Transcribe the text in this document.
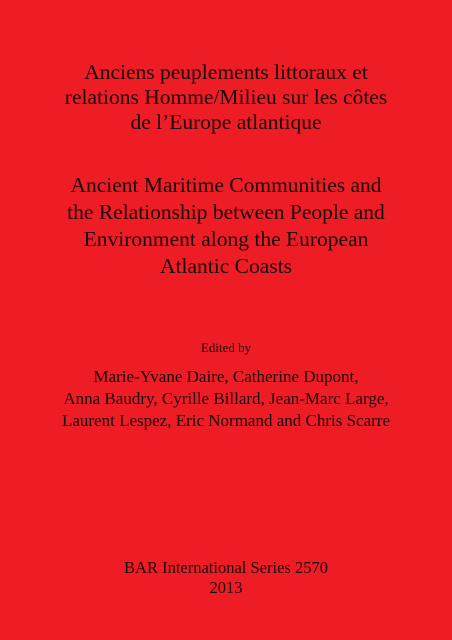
Anciens peuplements littoraux et
relations Homme/Milieu sur les côtes
de l’Europe atlantique
Ancient Maritime Communities and
the Relationship between People and
Environment along the European
Atlantic Coasts
Edited by
Marie-Yvane Daire, Catherine Dupont,
Anna Baudry, Cyrille Billard, Jean-Marc Large,
Laurent Lespez, Eric Normand and Chris Scarre
BAR International Series 2570
2013
